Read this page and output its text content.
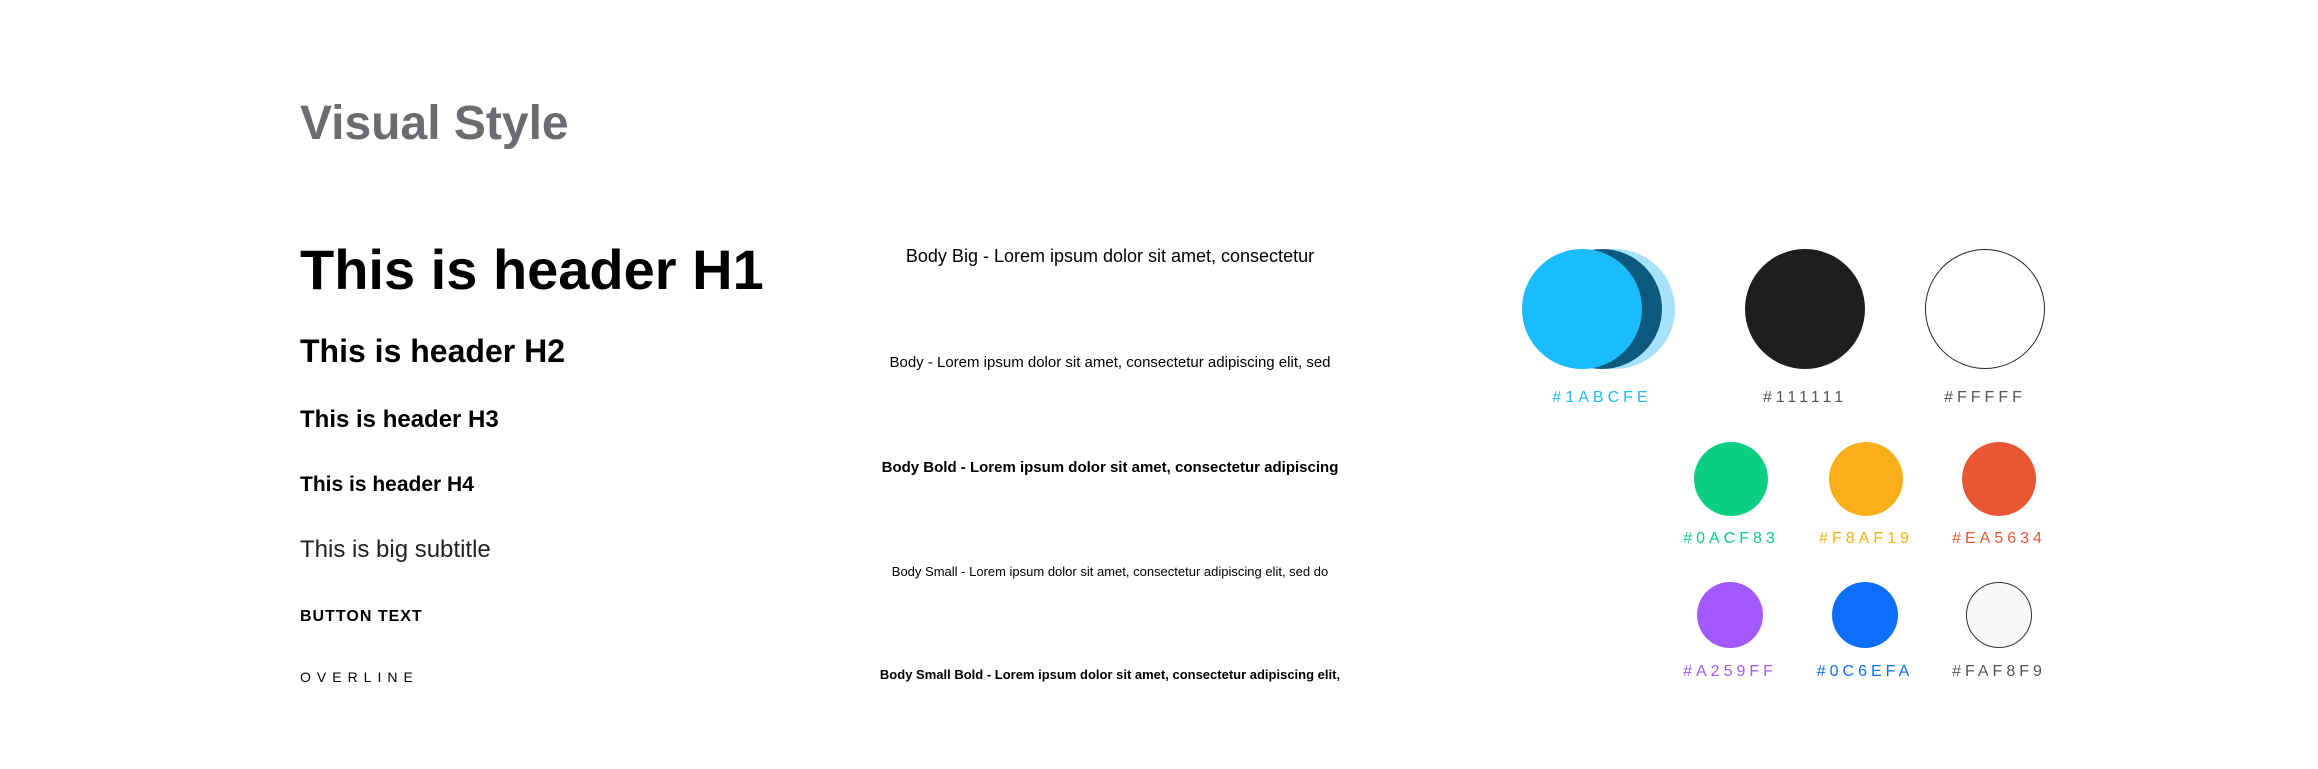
Visual Style
This is header H1
This is header H2
This is header H3
This is header H4
This is big subtitle
BUTTON TEXT
OVERLINE
Body Big - Lorem ipsum dolor sit amet, consectetur
Body - Lorem ipsum dolor sit amet, consectetur adipiscing elit, sed
Body Bold - Lorem ipsum dolor sit amet, consectetur adipiscing
Body Small - Lorem ipsum dolor sit amet, consectetur adipiscing elit, sed do
Body Small Bold - Lorem ipsum dolor sit amet, consectetur adipiscing elit,
#1ABCFE	#111111	#FFFFF
#0ACF83	#F8AF19	#EA5634
#A259FF	#0C6EFA	#FAF8F9
